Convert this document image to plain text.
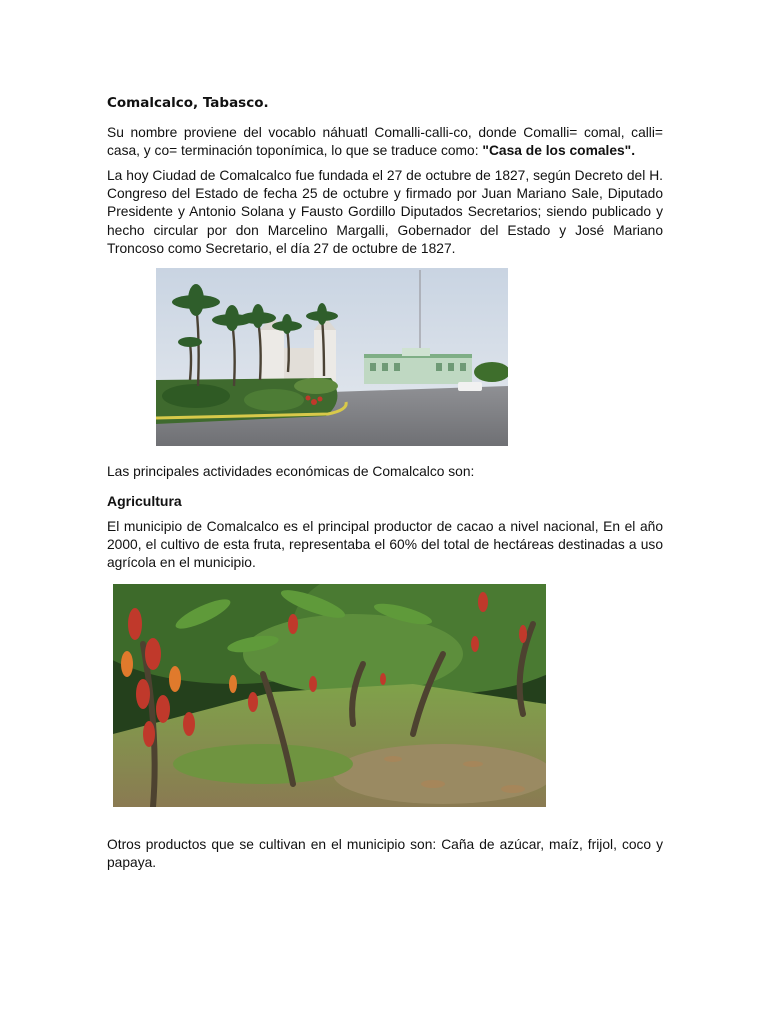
Comalcalco, Tabasco.

Su nombre proviene del vocablo náhuatl Comalli-calli-co, donde Comalli= comal, calli= casa, y co= terminación toponímica, lo que se traduce como: "Casa de los comales".

La hoy Ciudad de Comalcalco fue fundada el 27 de octubre de 1827, según Decreto del H. Congreso del Estado de fecha 25 de octubre y firmado por Juan Mariano Sale, Diputado Presidente y Antonio Solana y Fausto Gordillo Diputados Secretarios; siendo publicado y hecho circular por don Marcelino Margalli, Gobernador del Estado y José Mariano Troncoso como Secretario, el día 27 de octubre de 1827.

Las principales actividades económicas de Comalcalco son:

Agricultura

El municipio de Comalcalco es el principal productor de cacao a nivel nacional, En el año 2000, el cultivo de esta fruta, representaba el 60% del total de hectáreas destinadas a uso agrícola en el municipio.

Otros productos que se cultivan en el municipio son: Caña de azúcar, maíz, frijol, coco y papaya.
